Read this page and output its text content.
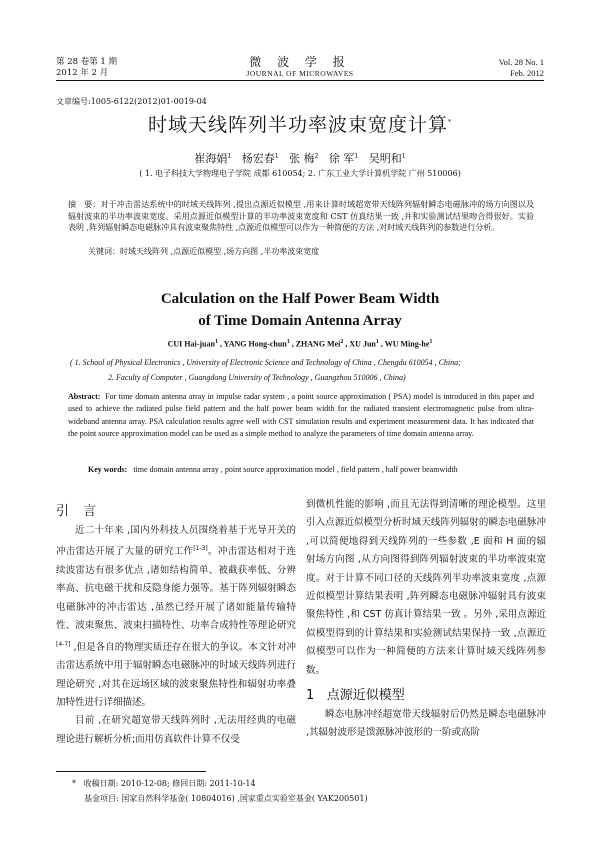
第 28 卷第 1 期
2012 年 2 月
微 波 学 报
JOURNAL OF MICROWAVES
Vol. 28 No. 1
Feb. 2012
文章编号:1005-6122(2012)01-0019-04
时域天线阵列半功率波束宽度计算*
崔海娟$^1$ 杨宏春$^1$ 张 梅$^2$ 徐 军$^1$ 吴明和$^1$
( 1. 电子科技大学物理电子学院 成都 610054; 2. 广东工业大学计算机学院 广州 510006)
摘　要：对于冲击雷达系统中的时域天线阵列 ,提出点源近似模型 ,用来计算时域超宽带天线阵列辐射瞬态电磁脉冲的场方向图以及辐射波束的半功率波束宽度。采用点源近似模型计算的半功率波束宽度和 CST 仿真结果一致 ,并和实验测试结果吻合得很好。实验表明 ,阵列辐射瞬态电磁脉冲具有波束聚焦特性 ,点源近似模型可以作为一种简便的方法 ,对时域天线阵列的参数进行分析。
关键词：时域天线阵列 ,点源近似模型 ,场方向图 ,半功率波束宽度
Calculation on the Half Power Beam Width
of Time Domain Antenna Array
CUI Hai-juan$^1$ , YANG Hong-chun$^1$ , ZHANG Mei$^2$ , XU Jun$^1$ , WU Ming-$he^1$
( 1. School of Physical Electronics , University of Electronic Science and Technology of China , Chengdu 610054 , China;
2. Faculty of Computer , Guangdong University of Technology , Guangzhou 510006 , China)
Abstract: For time domain antenna array in impulse radar system , a point source approximation ( PSA) model is introduced in this paper and used to achieve the radiated pulse field pattern and the half power beam width for the radiated transient electromagnetic pulse from ultra-wideband antenna array. PSA calculation results agree well with CST simulation results and experiment measurement data. It has indicated that the point source approximation model can be used as a simple method to analyze the parameters of time domain antenna array.
Key words: time domain antenna array , point source approximation model , field pattern , half power beamwidth
引 言

近二十年来 ,国内外科技人员围绕着基于光导开关的冲击雷达开展了大量的研究工作[1-3]。冲击雷达相对于连续波雷达有很多优点 ,诸如结构简单、被截获率低、分辨率高、抗电磁干扰和反隐身能力强等。基于阵列辐射瞬态电磁脉冲的冲击雷达 ,虽然已经开展了诸如能量传输特性、波束聚焦、波束扫描特性、功率合成特性等理论研究[4-7] ,但是各自的物理实质还存在很大的争议。本文针对冲击雷达系统中用于辐射瞬态电磁脉冲的时域天线阵列进行理论研究 ,对其在远场区域的波束聚焦特性和辐射功率叠加特性进行详细描述。

目前 ,在研究超宽带天线阵列时 ,无法用经典的电磁理论进行解析分析;而用仿真软件计算不仅受

到微机性能的影响 ,而且无法得到清晰的理论模型。这里引入点源近似模型分析时域天线阵列辐射的瞬态电磁脉冲 ,可以简便地得到天线阵列的一些参数 ,E 面和 H 面的辐射场方向图 ,从方向图得到阵列辐射波束的半功率波束宽度。对于计算不同口径的天线阵列半功率波束宽度 ,点源近似模型计算结果表明 ,阵列瞬态电磁脉冲辐射具有波束聚焦特性 ,和 CST 仿真计算结果一致 。另外 ,采用点源近似模型得到的计算结果和实验测试结果保持一致 ,点源近似模型可以作为一种简便的方法来计算时域天线阵列参数。

1 点源近似模型

瞬态电脉冲经超宽带天线辐射后仍然是瞬态电磁脉冲 ,其辐射波形是馈源脉冲波形的一阶或高阶

* 收稿日期: 2010-12-08; 修回日期: 2011-10-14
基金项目: 国家自然科学基金( 10804016) ,国家重点实验室基金( YAK200501)
